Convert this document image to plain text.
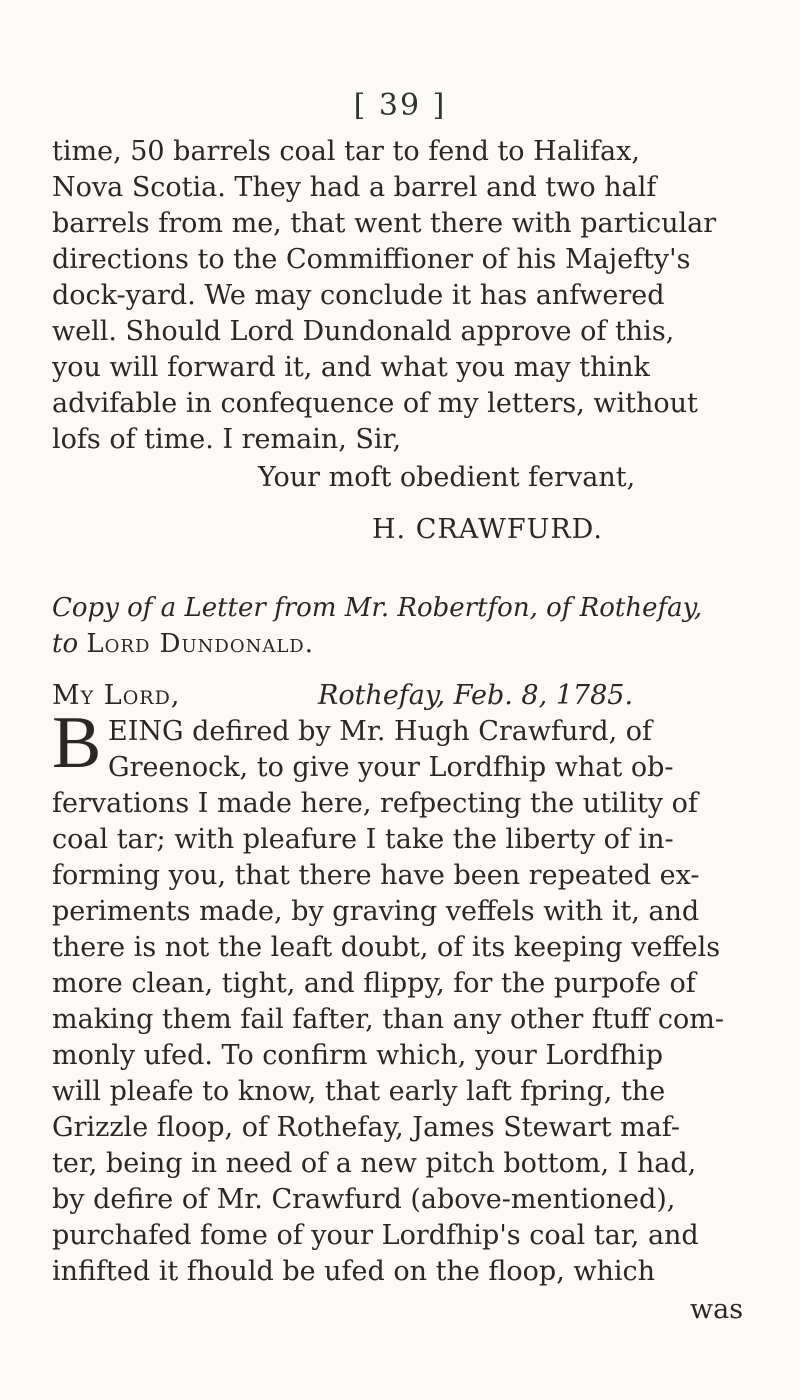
[ 39 ]
time, 50 barrels coal tar to fend to Halifax,
Nova Scotia. They had a barrel and two half
barrels from me, that went there with particular
directions to the Commiffioner of his Majefty's
dock-yard. We may conclude it has anfwered
well. Should Lord Dundonald approve of this,
you will forward it, and what you may think
advifable in confequence of my letters, without
lofs of time. I remain, Sir,
Your moft obedient fervant,
H. CRAWFURD.
Copy of a Letter from Mr. Robertfon, of Rothefay,
to Lord Dundonald.
My Lord,	Rothefay, Feb. 8, 1785.
B EING defired by Mr. Hugh Crawfurd, of
Greenock, to give your Lordfhip what ob-
fervations I made here, refpecting the utility of
coal tar; with pleafure I take the liberty of in-
forming you, that there have been repeated ex-
periments made, by graving veffels with it, and
there is not the leaft doubt, of its keeping veffels
more clean, tight, and flippy, for the purpofe of
making them fail fafter, than any other ftuff com-
monly ufed. To confirm which, your Lordfhip
will pleafe to know, that early laft fpring, the
Grizzle floop, of Rothefay, James Stewart maf-
ter, being in need of a new pitch bottom, I had,
by defire of Mr. Crawfurd (above-mentioned),
purchafed fome of your Lordfhip's coal tar, and
infifted it fhould be ufed on the floop, which
was
